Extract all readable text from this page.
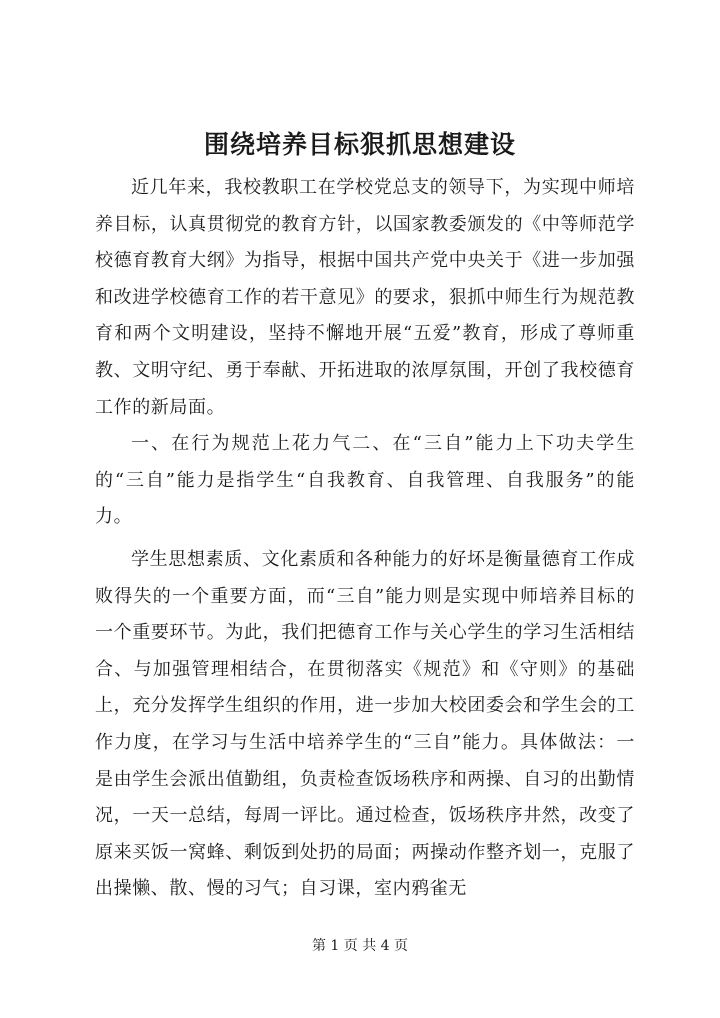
围绕培养目标狠抓思想建设

近几年来，我校教职工在学校党总支的领导下，为实现中师培养目标，认真贯彻党的教育方针，以国家教委颁发的《中等师范学校德育教育大纲》为指导，根据中国共产党中央关于《进一步加强和改进学校德育工作的若干意见》的要求，狠抓中师生行为规范教育和两个文明建设，坚持不懈地开展“五爱”教育，形成了尊师重教、文明守纪、勇于奉献、开拓进取的浓厚氛围，开创了我校德育工作的新局面。

一、在行为规范上花力气二、在“三自”能力上下功夫学生的“三自”能力是指学生“自我教育、自我管理、自我服务”的能力。

学生思想素质、文化素质和各种能力的好坏是衡量德育工作成败得失的一个重要方面，而“三自”能力则是实现中师培养目标的一个重要环节。为此，我们把德育工作与关心学生的学习生活相结合、与加强管理相结合，在贯彻落实《规范》和《守则》的基础上，充分发挥学生组织的作用，进一步加大校团委会和学生会的工作力度，在学习与生活中培养学生的“三自”能力。具体做法：一是由学生会派出值勤组，负责检查饭场秩序和两操、自习的出勤情况，一天一总结，每周一评比。通过检查，饭场秩序井然，改变了原来买饭一窝蜂、剩饭到处扔的局面；两操动作整齐划一，克服了出操懒、散、慢的习气；自习课，室内鸦雀无

第 1 页 共 4 页
